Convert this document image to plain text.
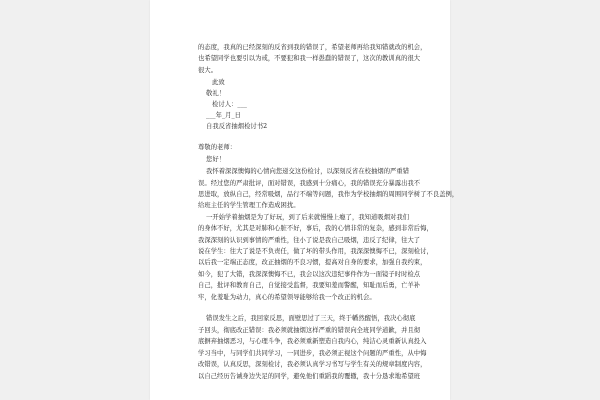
的态度，我真的已经深刻的反省到我的错误了，希望老师再给我知错就改的机会，
也希望同学也要引以为戒，不要犯和我一样愚蠢的错误了，这次的教训真的很大
很大。
此致
敬礼！
检讨人：___
___年_月_日
自我反省抽烟检讨书2
尊敬的老师：
您好！
我怀着深深懊悔的心情向您递交这份检讨，以深刻反省在校抽烟的严重错
误。经过您的严肃批评，面对错误，我感到十分痛心，我的错误充分暴露出我不
思进取，放纵自己，经常吸烟，品行不端等问题，我作为学校抽烟的周围同学树了不良盖例，
给班主任的学生管理工作造成困扰。
一开始学着抽烟是为了好玩，到了后来就慢慢上瘾了，我知道吸烟对我们
的身体不好，尤其是对肺和心脏不好，事后，我的心情非常的复杂，感到非常后悔，
我深深刻的认识到事情的严重性，往小了说是我自己吸烟，违反了纪律，往大了
说在学生：往大了说是不负责任，做了坏的带头作用，我深深懊悔不已，深刻检讨，
以后我一定端正态度，改正抽烟的不良习惯，提高对自身的要求，加强自我约束，
如今，犯了大错，我深深懊悔不已，我会以这次违纪事件作为一面镜子时时检点
自己，批评和教育自己，自觉接受监督，我要知羞而警醒，知耻而后勇，亡羊补
牢，化羞耻为动力，真心的希望领导能够给我一个改正的机会。
错误发生之后，我回家反思，面壁思过了三天，终于幡然醒悟，我决心彻底
子回头，彻底改正错误：我必须就抽烟这样严重的错误向全班同学道歉，并且彻
底摒弃抽烟恶习，与心理斗争，我必须重新塑造自我内心，纯洁心灵重新认真投入
学习当中，与同学们共同学习，一同进步，我必须正视这个问题的严重性，从中悔
改错误，认真反思，深刻检讨，我必须认真学习书写与学生有关的规章制度内容，
以自己经历告诫身边失足的同学，避免他们重蹈我的覆辙，我十分恳求地希望班
